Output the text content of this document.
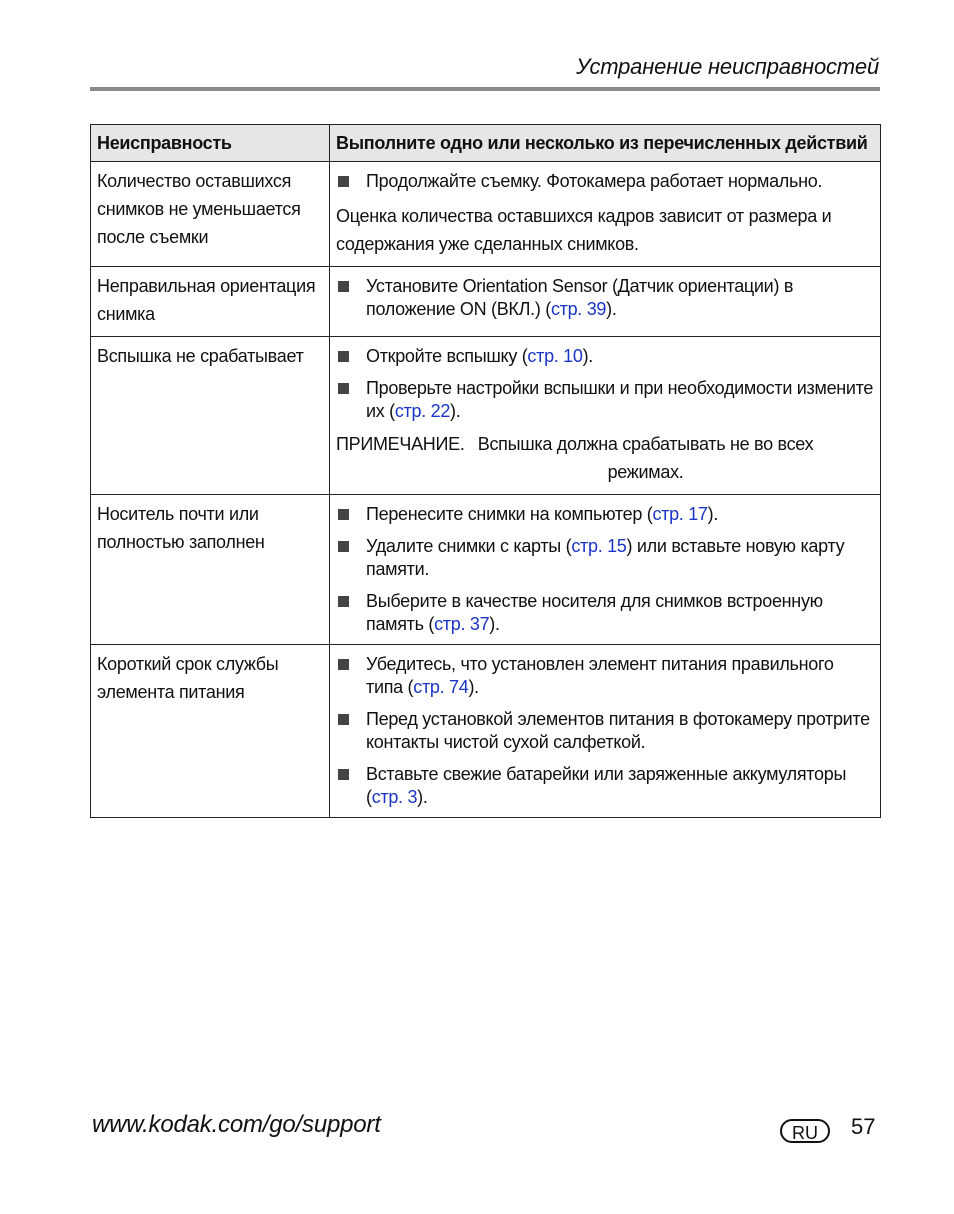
Устранение неисправностей
Неисправность	Выполните одно или несколько из перечисленных действий
Количество оставшихся снимков не уменьшается после съемки	Продолжайте съемку. Фотокамера работает нормально.

Оценка количества оставшихся кадров зависит от размера и содержания уже сделанных снимков.

Неправильная ориентация снимка	Установите Orientation Sensor (Датчик ориентации) в положение ON (ВКЛ.) (стр. 39).

Вспышка не срабатывает	Откройте вспышку (стр. 10).
Проверьте настройки вспышки и при необходимости измените их (стр. 22).
ПРИМЕЧАНИЕ. Вспышка должна срабатывать не во всех режимах.

Носитель почти или полностью заполнен	Перенесите снимки на компьютер (стр. 17).
Удалите снимки с карты (стр. 15) или вставьте новую карту памяти.
Выберите в качестве носителя для снимков встроенную память (стр. 37).

Короткий срок службы элемента питания	Убедитесь, что установлен элемент питания правильного типа (стр. 74).
Перед установкой элементов питания в фотокамеру протрите контакты чистой сухой салфеткой.
Вставьте свежие батарейки или заряженные аккумуляторы (стр. 3).
www.kodak.com/go/support	RU	57
